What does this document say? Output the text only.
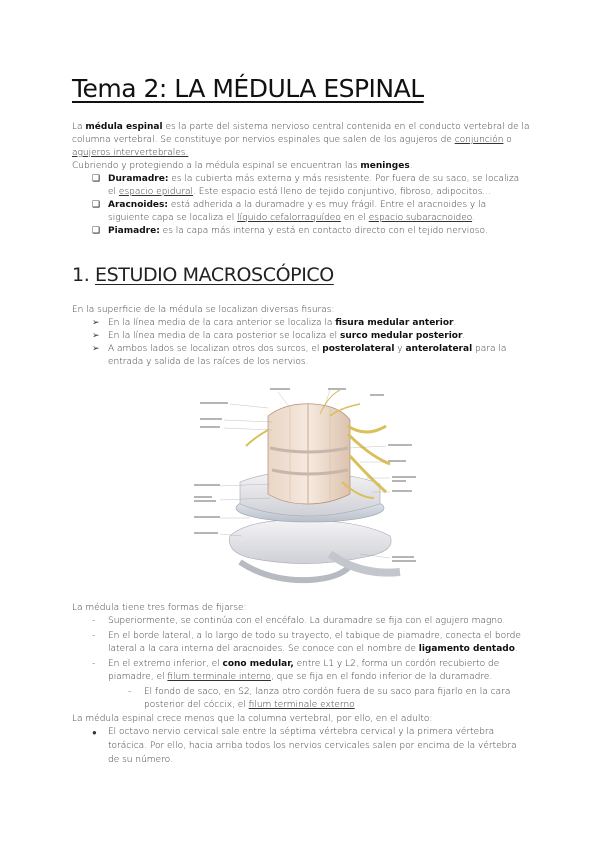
Tema 2: LA MÉDULA ESPINAL
La médula espinal es la parte del sistema nervioso central contenida en el conducto vertebral de la
columna vertebral. Se constituye por nervios espinales que salen de los agujeros de conjunción o
agujeros intervertebrales.
Cubriendo y protegiendo a la médula espinal se encuentran las meninges.
❑ Duramadre: es la cubierta más externa y más resistente. Por fuera de su saco, se localiza
el espacio epidural. Este espacio está lleno de tejido conjuntivo, fibroso, adipocitos...
❑ Aracnoides: está adherida a la duramadre y es muy frágil. Entre el aracnoides y la
siguiente capa se localiza el líquido cefalorraquídeo en el espacio subaracnoideo.
❑ Piamadre: es la capa más interna y está en contacto directo con el tejido nervioso.
1. ESTUDIO MACROSCÓPICO
En la superficie de la médula se localizan diversas fisuras:
➢ En la línea media de la cara anterior se localiza la fisura medular anterior.
➢ En la línea media de la cara posterior se localiza el surco medular posterior.
➢ A ambos lados se localizan otros dos surcos, el posterolateral y anterolateral para la
entrada y salida de las raíces de los nervios.
La médula tiene tres formas de fijarse:
- Superiormente, se continúa con el encéfalo. La duramadre se fija con el agujero magno.
- En el borde lateral, a lo largo de todo su trayecto, el tabique de piamadre, conecta el borde
lateral a la cara interna del aracnoides. Se conoce con el nombre de ligamento dentado.
- En el extremo inferior, el cono medular, entre L1 y L2, forma un cordón recubierto de
piamadre, el filum terminale interno, que se fija en el fondo inferior de la duramadre.
- El fondo de saco, en S2, lanza otro cordón fuera de su saco para fijarlo en la cara
posterior del cóccix, el filum terminale externo
La médula espinal crece menos que la columna vertebral, por ello, en el adulto:
● El octavo nervio cervical sale entre la séptima vértebra cervical y la primera vértebra
torácica. Por ello, hacia arriba todos los nervios cervicales salen por encima de la vértebra
de su número.
